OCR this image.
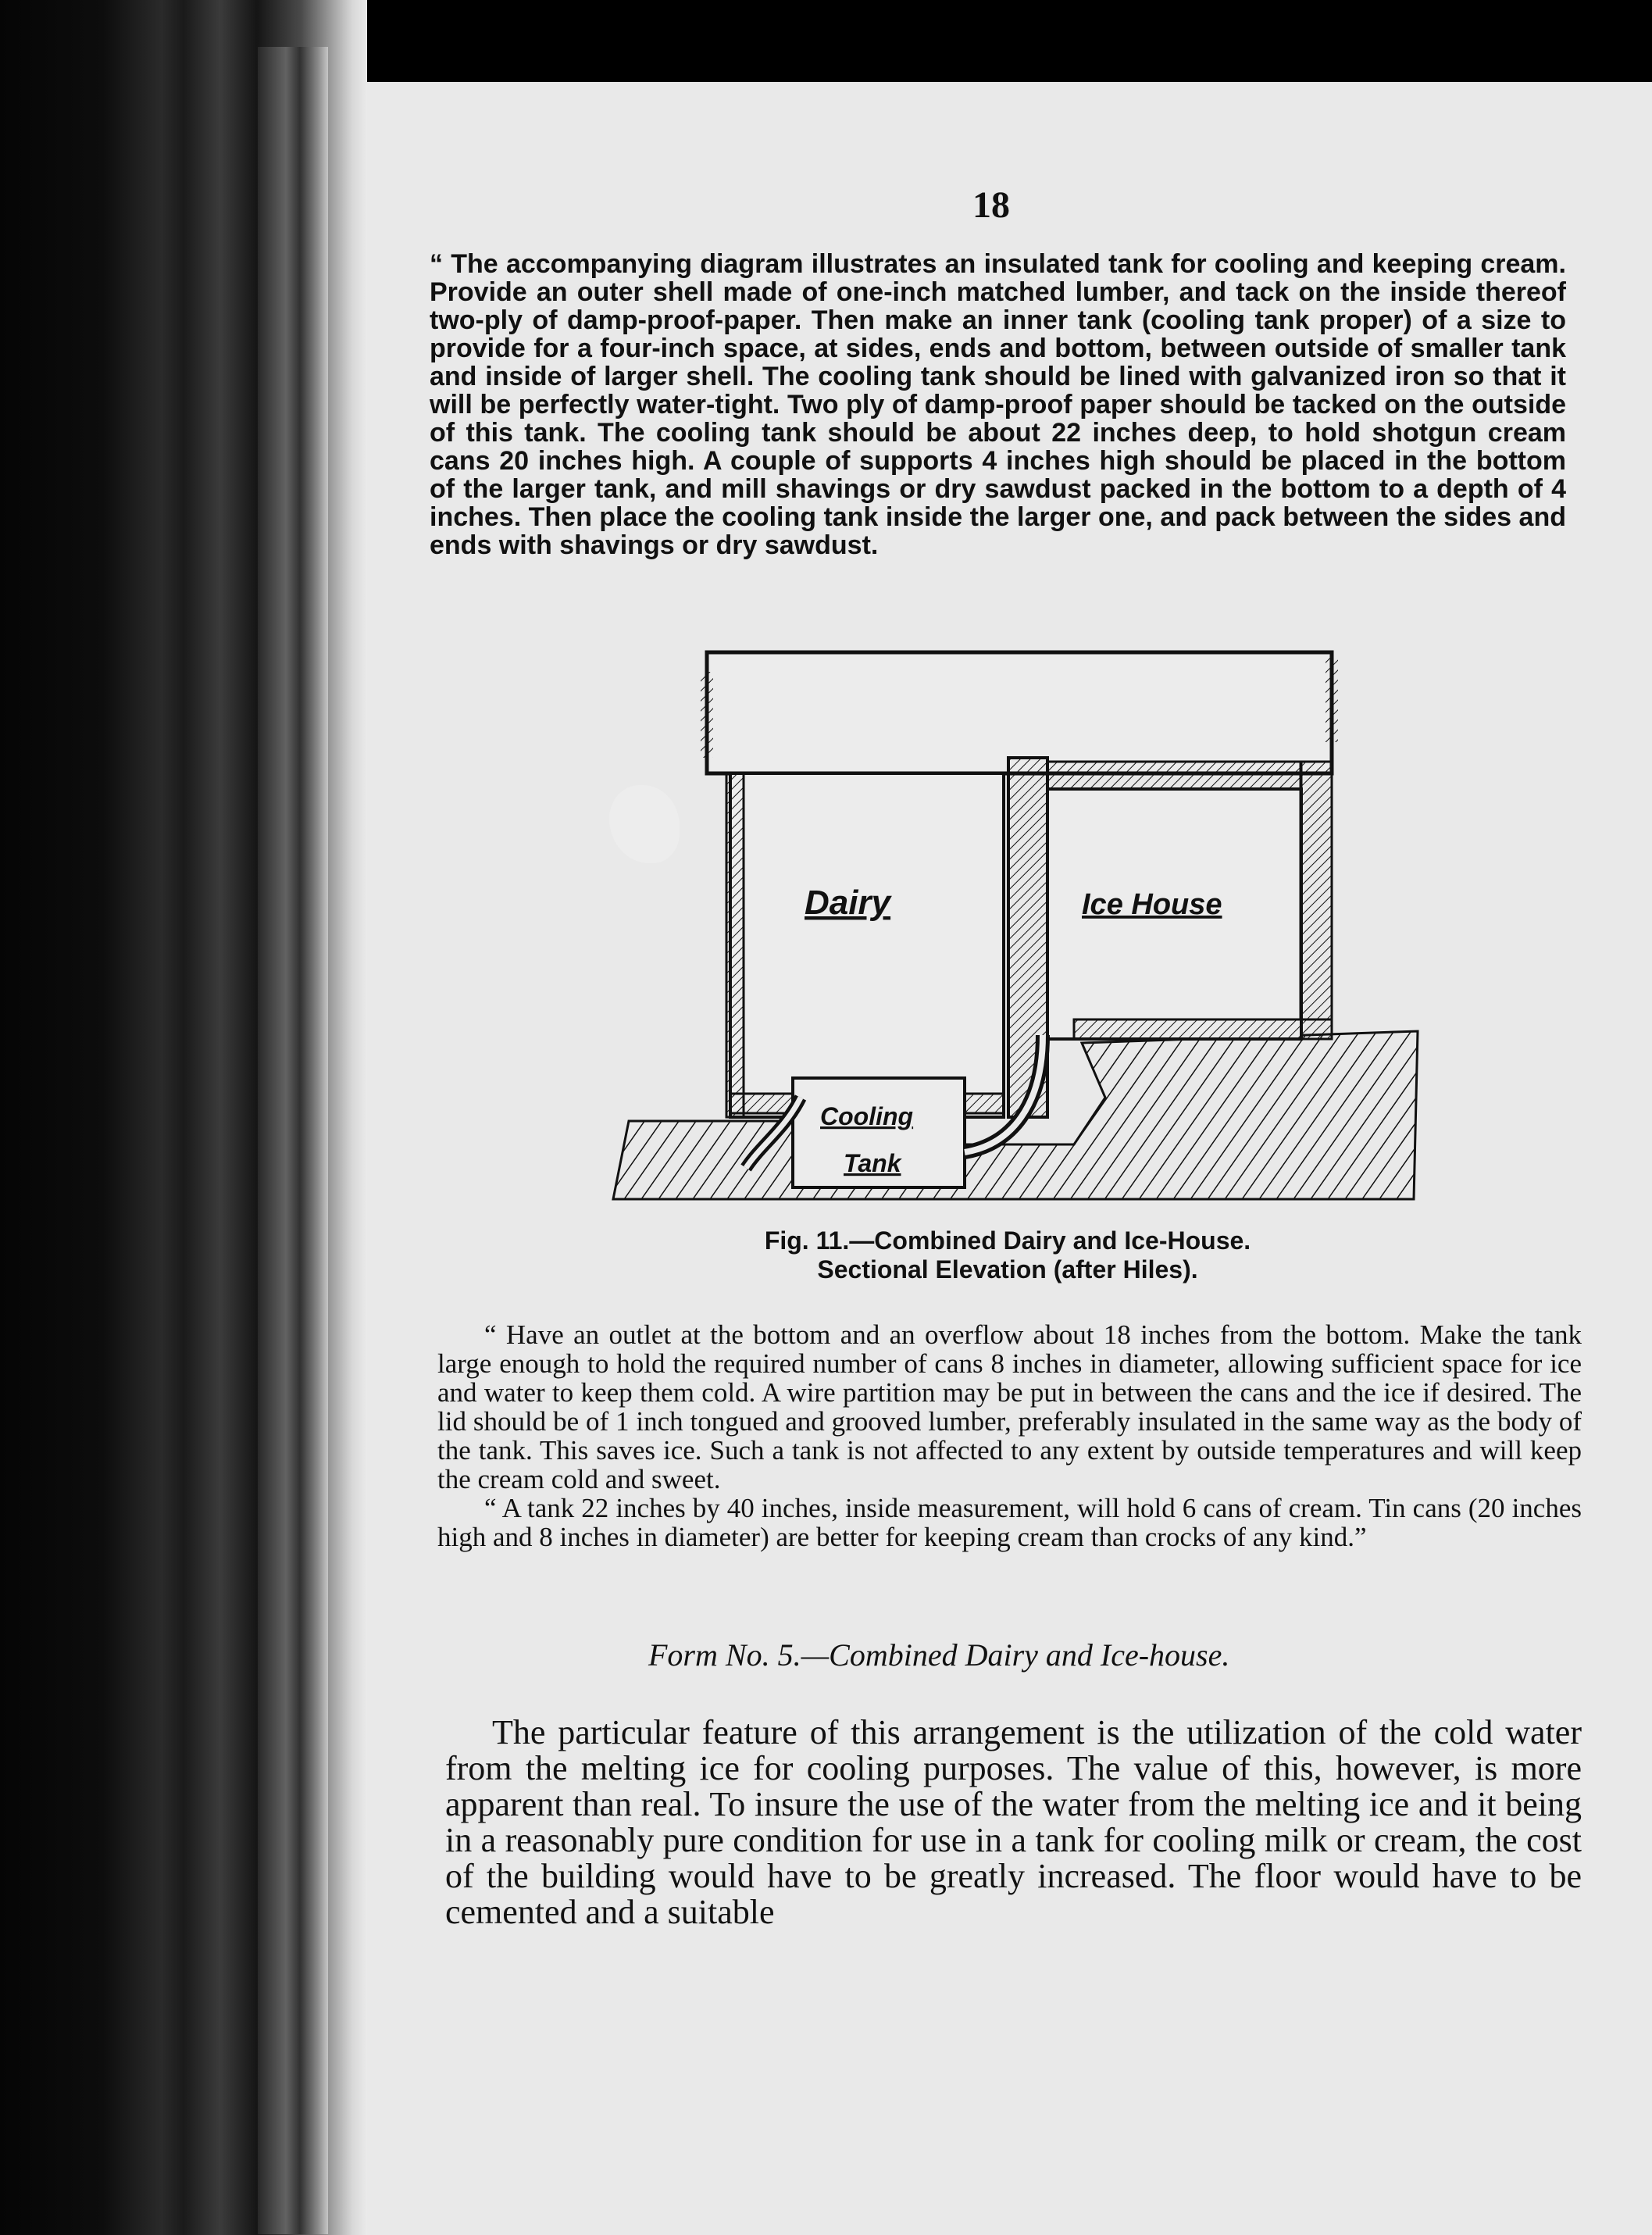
18

“ The accompanying diagram illustrates an insulated tank for cooling and keeping cream. Provide an outer shell made of one-inch matched lumber, and tack on the inside thereof two-ply of damp-proof-paper. Then make an inner tank (cooling tank proper) of a size to provide for a four-inch space, at sides, ends and bottom, between outside of smaller tank and inside of larger shell. The cooling tank should be lined with galvanized iron so that it will be perfectly water-tight. Two ply of damp-proof paper should be tacked on the outside of this tank. The cooling tank should be about 22 inches deep, to hold shotgun cream cans 20 inches high. A couple of supports 4 inches high should be placed in the bottom of the larger tank, and mill shavings or dry sawdust packed in the bottom to a depth of 4 inches. Then place the cooling tank inside the larger one, and pack between the sides and ends with shavings or dry sawdust.

Dairy	Ice House
Cooling
Tank
Fig. 11.—Combined Dairy and Ice-House.
Sectional Elevation (after Hiles).

“ Have an outlet at the bottom and an overflow about 18 inches from the bottom. Make the tank large enough to hold the required number of cans 8 inches in diameter, allowing sufficient space for ice and water to keep them cold. A wire partition may be put in between the cans and the ice if desired. The lid should be of 1 inch tongued and grooved lumber, preferably insulated in the same way as the body of the tank. This saves ice. Such a tank is not affected to any extent by outside temperatures and will keep the cream cold and sweet.

“ A tank 22 inches by 40 inches, inside measurement, will hold 6 cans of cream. Tin cans (20 inches high and 8 inches in diameter) are better for keeping cream than crocks of any kind.”

Form No. 5.—Combined Dairy and Ice-house.

The particular feature of this arrangement is the utilization of the cold water from the melting ice for cooling purposes. The value of this, however, is more apparent than real. To insure the use of the water from the melting ice and it being in a reasonably pure condition for use in a tank for cooling milk or cream, the cost of the building would have to be greatly increased. The floor would have to be cemented and a suitable
